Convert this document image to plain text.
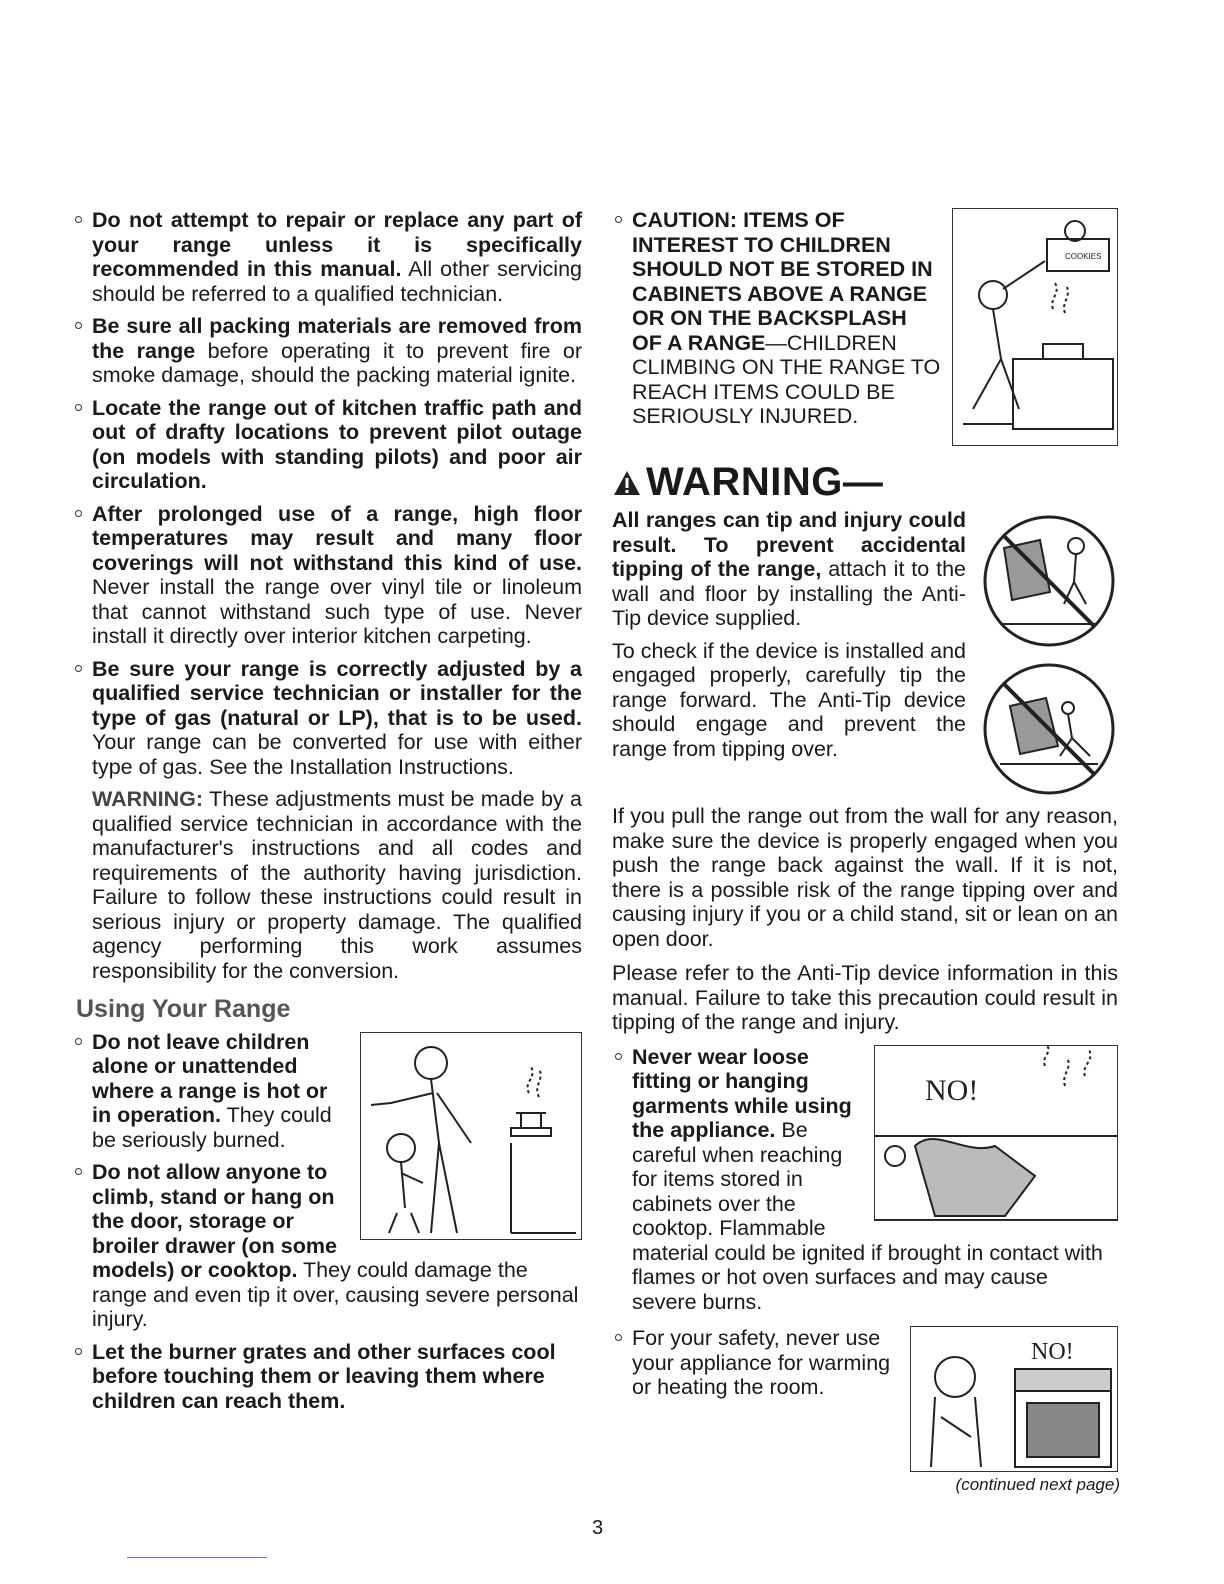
Do not attempt to repair or replace any part of your range unless it is specifically recommended in this manual. All other servicing should be referred to a qualified technician.
Be sure all packing materials are removed from the range before operating it to prevent fire or smoke damage, should the packing material ignite.
Locate the range out of kitchen traffic path and out of drafty locations to prevent pilot outage (on models with standing pilots) and poor air circulation.
After prolonged use of a range, high floor temperatures may result and many floor coverings will not withstand this kind of use. Never install the range over vinyl tile or linoleum that cannot withstand such type of use. Never install it directly over interior kitchen carpeting.
Be sure your range is correctly adjusted by a qualified service technician or installer for the type of gas (natural or LP), that is to be used. Your range can be converted for use with either type of gas. See the Installation Instructions.
WARNING: These adjustments must be made by a qualified service technician in accordance with the manufacturer's instructions and all codes and requirements of the authority having jurisdiction. Failure to follow these instructions could result in serious injury or property damage. The qualified agency performing this work assumes responsibility for the conversion.
Using Your Range
Do not leave children alone or unattended where a range is hot or in operation. They could be seriously burned.
Do not allow anyone to climb, stand or hang on the door, storage or broiler drawer (on some models) or cooktop. They could damage the range and even tip it over, causing severe personal injury.
Let the burner grates and other surfaces cool before touching them or leaving them where children can reach them.
COOKIES
CAUTION: ITEMS OF INTEREST TO CHILDREN SHOULD NOT BE STORED IN CABINETS ABOVE A RANGE OR ON THE BACKSPLASH OF A RANGE—CHILDREN CLIMBING ON THE RANGE TO REACH ITEMS COULD BE SERIOUSLY INJURED.
WARNING—
All ranges can tip and injury could result. To prevent accidental tipping of the range, attach it to the wall and floor by installing the Anti-Tip device supplied.
To check if the device is installed and engaged properly, carefully tip the range forward. The Anti-Tip device should engage and prevent the range from tipping over.
If you pull the range out from the wall for any reason, make sure the device is properly engaged when you push the range back against the wall. If it is not, there is a possible risk of the range tipping over and causing injury if you or a child stand, sit or lean on an open door.
Please refer to the Anti-Tip device information in this manual. Failure to take this precaution could result in tipping of the range and injury.
NO!
Never wear loose fitting or hanging garments while using the appliance. Be careful when reaching for items stored in cabinets over the cooktop. Flammable material could be ignited if brought in contact with flames or hot oven surfaces and may cause severe burns.
NO!
For your safety, never use your appliance for warming or heating the room.
(continued next page)
3
